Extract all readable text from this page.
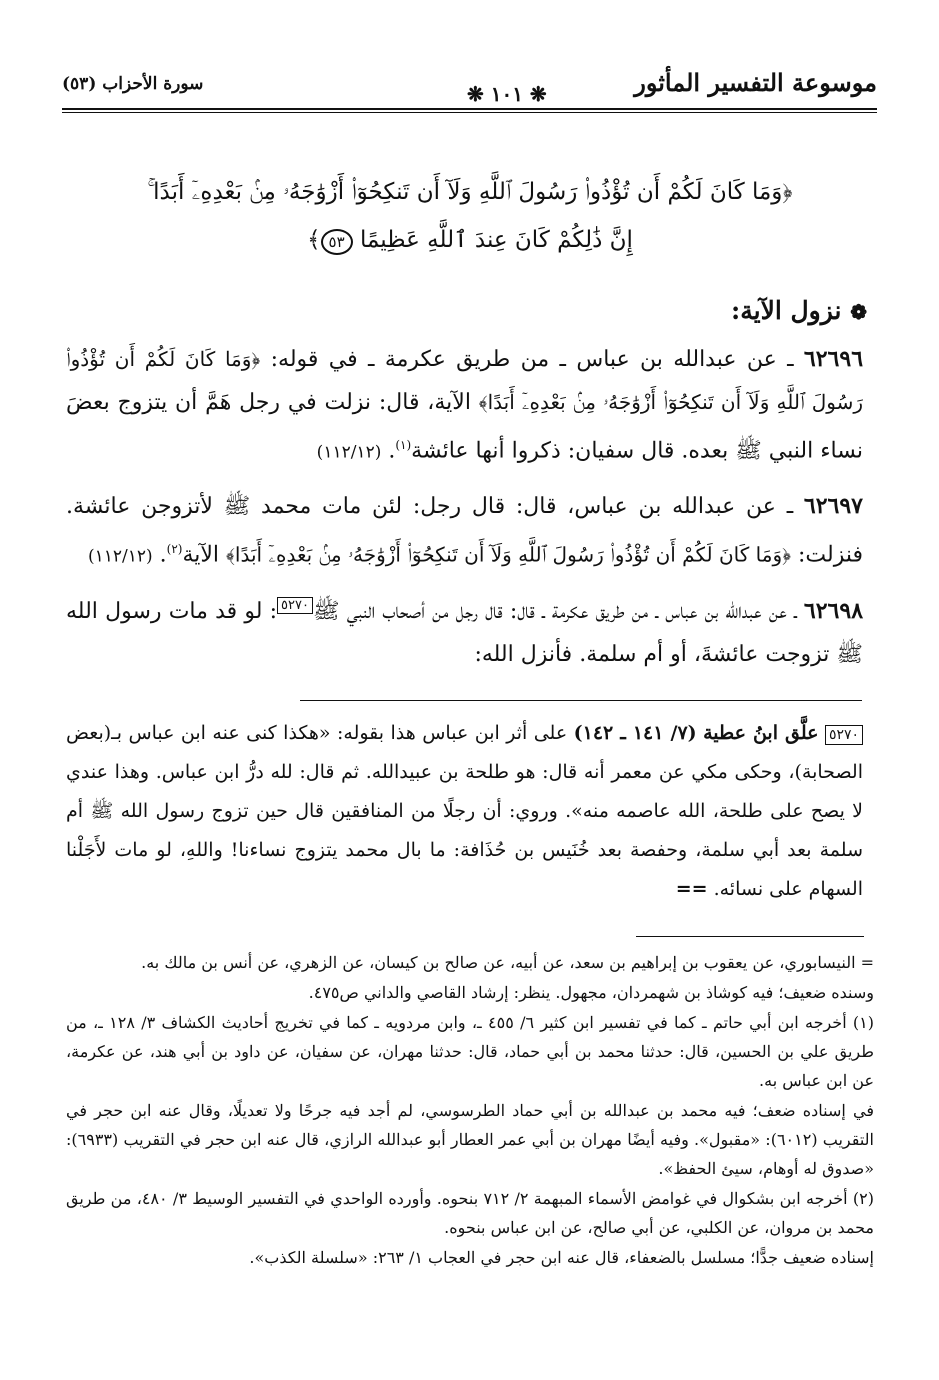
موسوعة التفسير المأثور
❋ ١٠١ ❋
سورة الأحزاب (٥٣)
﴿وَمَا كَانَ لَكُمْ أَن تُؤْذُوا۟ رَسُولَ ٱللَّهِ وَلَآ أَن تَنكِحُوٓا۟ أَزْوَٰجَهُۥ مِنۢ بَعْدِهِۦٓ أَبَدًا ۚ
إِنَّ ذَٰلِكُمْ كَانَ عِندَ ٱللَّهِ عَظِيمًا ٥٣﴾
❁ نزول الآية:

٦٢٦٩٦ ـ عن عبدالله بن عباس ـ من طريق عكرمة ـ في قوله: ﴿وَمَا كَانَ لَكُمْ أَن تُؤْذُوا۟ رَسُولَ ٱللَّهِ وَلَآ أَن تَنكِحُوٓا۟ أَزْوَٰجَهُۥ مِنۢ بَعْدِهِۦٓ أَبَدًا﴾ الآية، قال: نزلت في رجل هَمَّ أن يتزوج بعضَ نساء النبي ﷺ بعده. قال سفيان: ذكروا أنها عائشة$^{(١)}$. (١١٢/١٢)

٦٢٦٩٧ ـ عن عبدالله بن عباس، قال: قال رجل: لئن مات محمد ﷺ لأتزوجن عائشة. فنزلت: ﴿وَمَا كَانَ لَكُمْ أَن تُؤْذُوا۟ رَسُولَ ٱللَّهِ وَلَآ أَن تَنكِحُوٓا۟ أَزْوَٰجَهُۥ مِنۢ بَعْدِهِۦٓ أَبَدًا﴾ الآية$^{(٢)}$. (١١٢/١٢)

٦٢٦٩٨ ـ عن عبدالله بن عباس ـ من طريق عكرمة ـ قال: قال رجل من أصحاب النبي ﷺ٥٢٧٠: لو قد مات رسول الله ﷺ تزوجت عائشةَ، أو أم سلمة. فأنزل الله:

٥٢٧٠ علَّق ابنُ عطية (٧/ ١٤١ ـ ١٤٢) على أثر ابن عباس هذا بقوله: «هكذا كنى عنه ابن عباس بـ(بعض الصحابة)، وحكى مكي عن معمر أنه قال: هو طلحة بن عبيدالله. ثم قال: لله درُّ ابن عباس. وهذا عندي لا يصح على طلحة، الله عاصمه منه». وروي: أن رجلًا من المنافقين قال حين تزوج رسول الله ﷺ أم سلمة بعد أبي سلمة، وحفصة بعد خُنَيس بن حُذَافة: ما بال محمد يتزوج نساءنا! واللهِ، لو مات لأَجَلْنا السهام على نسائه. ==

= النيسابوري، عن يعقوب بن إبراهيم بن سعد، عن أبيه، عن صالح بن كيسان، عن الزهري، عن أنس بن مالك به.

وسنده ضعيف؛ فيه كوشاذ بن شهمردان، مجهول. ينظر: إرشاد القاصي والداني ص٤٧٥.

(١) أخرجه ابن أبي حاتم ـ كما في تفسير ابن كثير ٦/ ٤٥٥ ـ، وابن مردويه ـ كما في تخريج أحاديث الكشاف ٣/ ١٢٨ ـ، من طريق علي بن الحسين، قال: حدثنا محمد بن أبي حماد، قال: حدثنا مهران، عن سفيان، عن داود بن أبي هند، عن عكرمة، عن ابن عباس به.

في إسناده ضعف؛ فيه محمد بن عبدالله بن أبي حماد الطرسوسي، لم أجد فيه جرحًا ولا تعديلًا، وقال عنه ابن حجر في التقريب (٦٠١٢): «مقبول». وفيه أيضًا مهران بن أبي عمر العطار أبو عبدالله الرازي، قال عنه ابن حجر في التقريب (٦٩٣٣): «صدوق له أوهام، سيئ الحفظ».

(٢) أخرجه ابن بشكوال في غوامض الأسماء المبهمة ٢/ ٧١٢ بنحوه. وأورده الواحدي في التفسير الوسيط ٣/ ٤٨٠، من طريق محمد بن مروان، عن الكلبي، عن أبي صالح، عن ابن عباس بنحوه.

إسناده ضعيف جدًّا؛ مسلسل بالضعفاء، قال عنه ابن حجر في العجاب ١/ ٢٦٣: «سلسلة الكذب».
